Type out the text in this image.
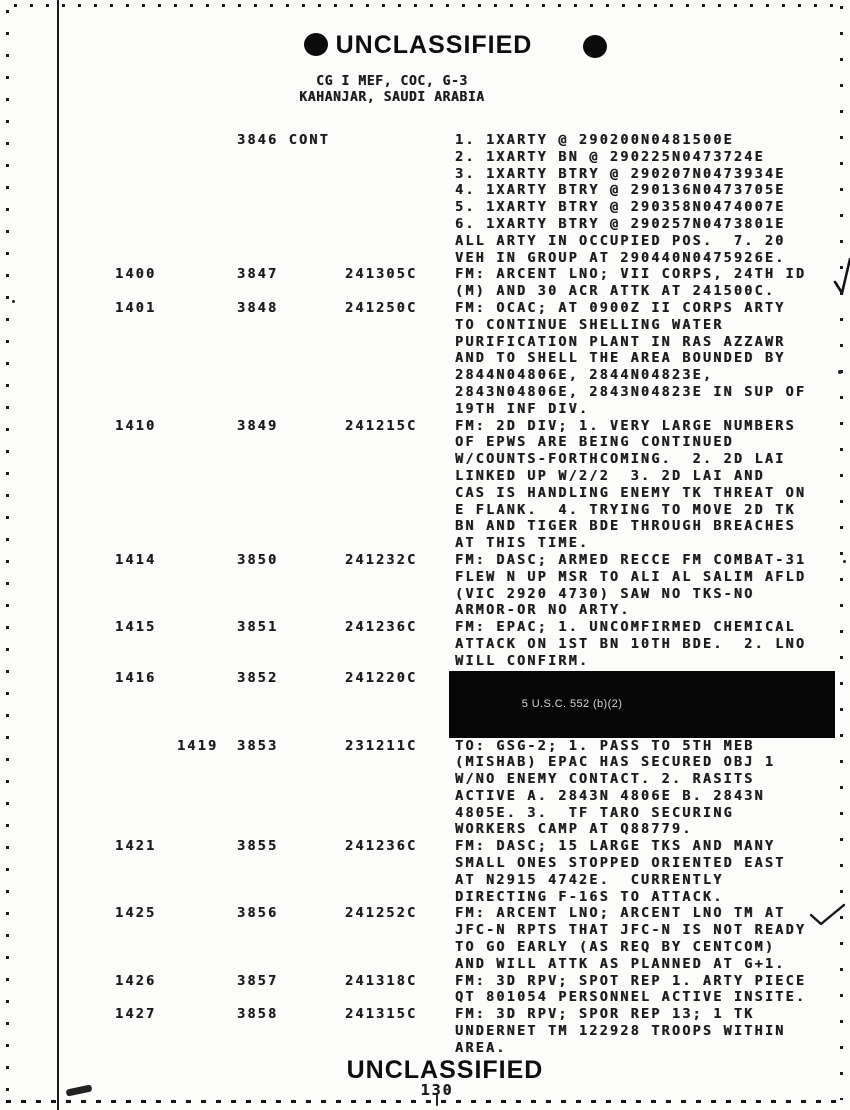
UNCLASSIFIED
CG I MEF, COC, G-3
KAHANJAR, SAUDI ARABIA
3846 CONT	1. 1XARTY @ 290200N0481500E
2. 1XARTY BN @ 290225N0473724E
3. 1XARTY BTRY @ 290207N0473934E
4. 1XARTY BTRY @ 290136N0473705E
5. 1XARTY BTRY @ 290358N0474007E
6. 1XARTY BTRY @ 290257N0473801E
ALL ARTY IN OCCUPIED POS.  7. 20
VEH IN GROUP AT 290440N0475926E.
1400	3847	241305C	FM: ARCENT LNO; VII CORPS, 24TH ID
(M) AND 30 ACR ATTK AT 241500C.
1401	3848	241250C	FM: OCAC; AT 0900Z II CORPS ARTY
TO CONTINUE SHELLING WATER
PURIFICATION PLANT IN RAS AZZAWR
AND TO SHELL THE AREA BOUNDED BY
2844N04806E, 2844N04823E,
2843N04806E, 2843N04823E IN SUP OF
19TH INF DIV.
1410	3849	241215C	FM: 2D DIV; 1. VERY LARGE NUMBERS
OF EPWS ARE BEING CONTINUED
W/COUNTS-FORTHCOMING.  2. 2D LAI
LINKED UP W/2/2  3. 2D LAI AND
CAS IS HANDLING ENEMY TK THREAT ON
E FLANK.  4. TRYING TO MOVE 2D TK
BN AND TIGER BDE THROUGH BREACHES
AT THIS TIME.
1414	3850	241232C	FM: DASC; ARMED RECCE FM COMBAT-31
FLEW N UP MSR TO ALI AL SALIM AFLD
(VIC 2920 4730) SAW NO TKS-NO
ARMOR-OR NO ARTY.
1415	3851	241236C	FM: EPAC; 1. UNCOMFIRMED CHEMICAL
ATTACK ON 1ST BN 10TH BDE.  2. LNO
WILL CONFIRM.
1416	3852	241220C
5 U.S.C. 552 (b)(2)
1419	3853	231211C	TO: GSG-2; 1. PASS TO 5TH MEB
(MISHAB) EPAC HAS SECURED OBJ 1
W/NO ENEMY CONTACT. 2. RASITS
ACTIVE A. 2843N 4806E B. 2843N
4805E. 3.  TF TARO SECURING
WORKERS CAMP AT Q88779.
1421	3855	241236C	FM: DASC; 15 LARGE TKS AND MANY
SMALL ONES STOPPED ORIENTED EAST
AT N2915 4742E.  CURRENTLY
DIRECTING F-16S TO ATTACK.
1425	3856	241252C	FM: ARCENT LNO; ARCENT LNO TM AT
JFC-N RPTS THAT JFC-N IS NOT READY
TO GO EARLY (AS REQ BY CENTCOM)
AND WILL ATTK AS PLANNED AT G+1.
1426	3857	241318C	FM: 3D RPV; SPOT REP 1. ARTY PIECE
QT 801054 PERSONNEL ACTIVE INSITE.
1427	3858	241315C	FM: 3D RPV; SPOR REP 13; 1 TK
UNDERNET TM 122928 TROOPS WITHIN
AREA.
UNCLASSIFIED
130
